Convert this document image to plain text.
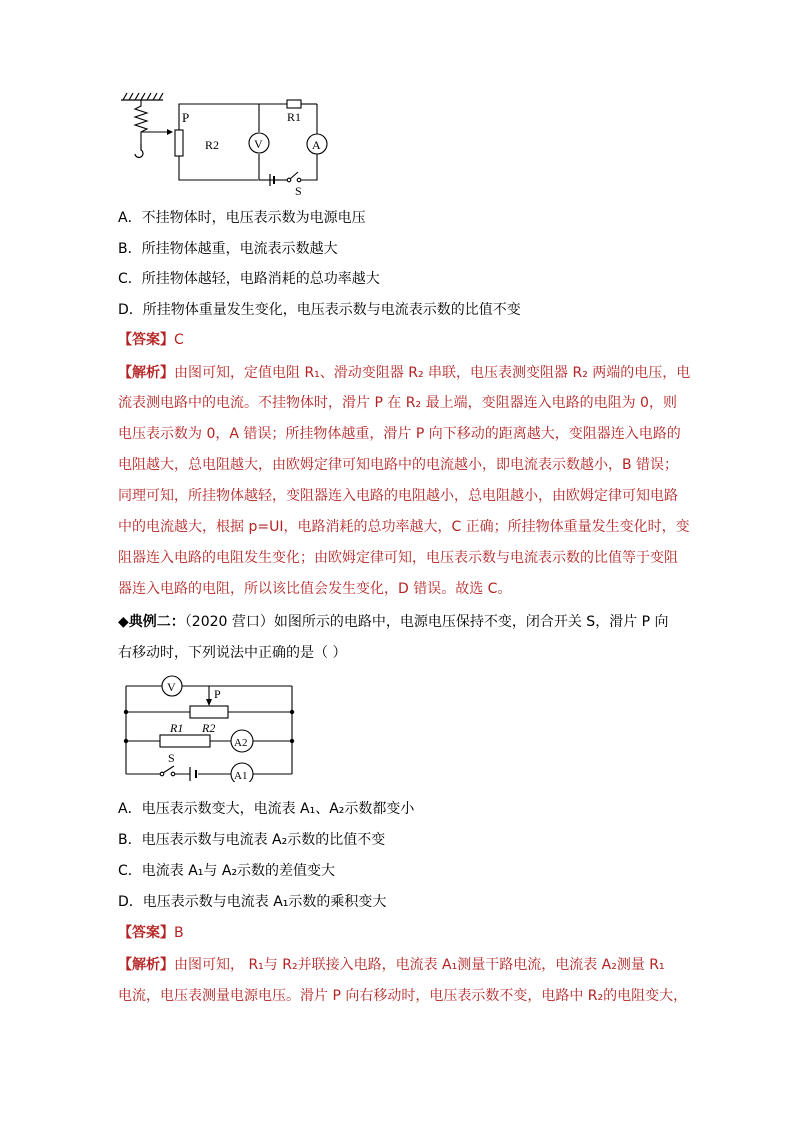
P
R2
R1
V	A
S
A．不挂物体时，电压表示数为电源电压
B．所挂物体越重，电流表示数越大
C．所挂物体越轻，电路消耗的总功率越大
D．所挂物体重量发生变化，电压表示数与电流表示数的比值不变
【答案】C
【解析】由图可知，定值电阻 R₁、滑动变阻器 R₂ 串联，电压表测变阻器 R₂ 两端的电压，电
流表测电路中的电流。不挂物体时，滑片 P 在 R₂ 最上端，变阻器连入电路的电阻为 0，则
电压表示数为 0，A 错误；所挂物体越重，滑片 P 向下移动的距离越大，变阻器连入电路的
电阻越大，总电阻越大，由欧姆定律可知电路中的电流越小，即电流表示数越小，B 错误；
同理可知，所挂物体越轻，变阻器连入电路的电阻越小，总电阻越小，由欧姆定律可知电路
中的电流越大，根据 p=UI，电路消耗的总功率越大，C 正确；所挂物体重量发生变化时，变
阻器连入电路的电阻发生变化；由欧姆定律可知，电压表示数与电流表示数的比值等于变阻
器连入电路的电阻，所以该比值会发生变化，D 错误。故选 C。
◆典例二：（2020 营口）如图所示的电路中，电源电压保持不变，闭合开关 S，滑片 P 向
右移动时，下列说法中正确的是（ ）
V	P
R2
R1
A2
S
A1
A．电压表示数变大，电流表 A₁、A₂示数都变小
B．电压表示数与电流表 A₂示数的比值不变
C．电流表 A₁与 A₂示数的差值变大
D．电压表示数与电流表 A₁示数的乘积变大
【答案】B
【解析】由图可知， R₁与 R₂并联接入电路，电流表 A₁测量干路电流，电流表 A₂测量 R₁
电流，电压表测量电源电压。滑片 P 向右移动时，电压表示数不变，电路中 R₂的电阻变大，
